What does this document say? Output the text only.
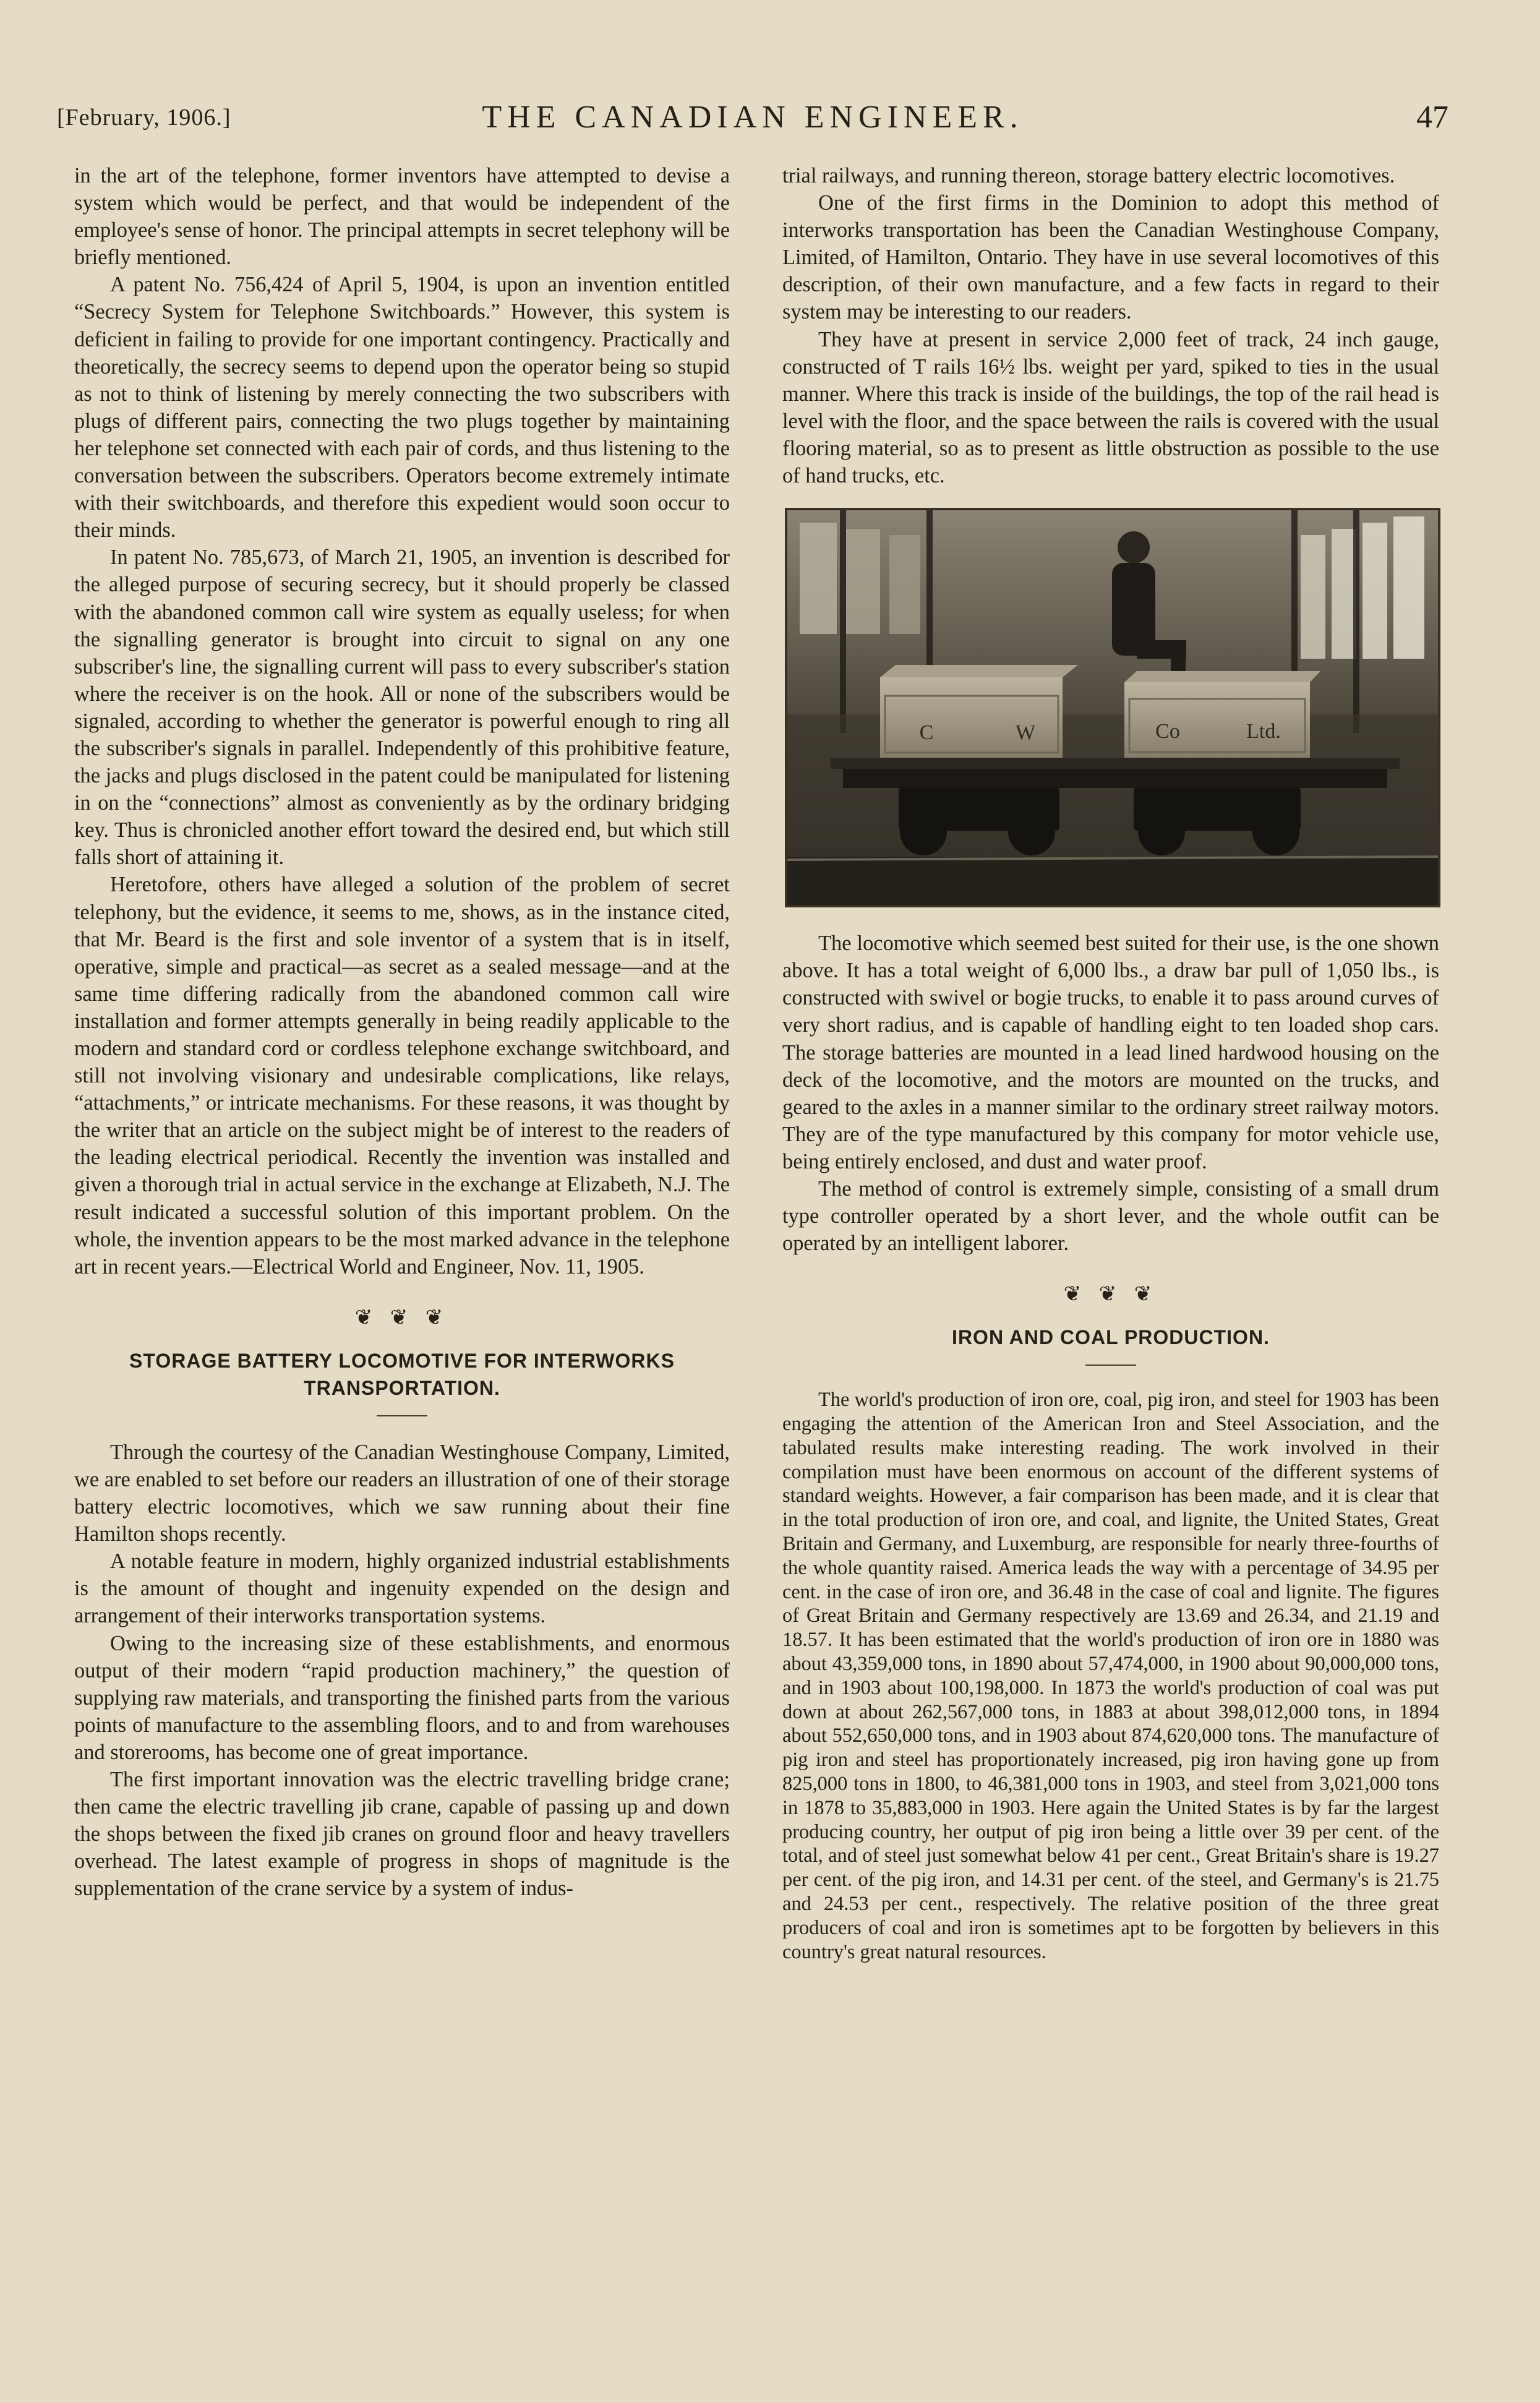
[February, 1906.]	THE CANADIAN ENGINEER.	47

in the art of the telephone, former inventors have attempted to devise a system which would be perfect, and that would be independent of the employee's sense of honor. The principal attempts in secret telephony will be briefly mentioned.

A patent No. 756,424 of April 5, 1904, is upon an invention entitled “Secrecy System for Telephone Switchboards.” However, this system is deficient in failing to provide for one important contingency. Practically and theoretically, the secrecy seems to depend upon the operator being so stupid as not to think of listening by merely connecting the two subscribers with plugs of different pairs, connecting the two plugs together by maintaining her telephone set connected with each pair of cords, and thus listening to the conversation between the subscribers. Operators become extremely intimate with their switchboards, and therefore this expedient would soon occur to their minds.

In patent No. 785,673, of March 21, 1905, an invention is described for the alleged purpose of securing secrecy, but it should properly be classed with the abandoned common call wire system as equally useless; for when the signalling generator is brought into circuit to signal on any one subscriber's line, the signalling current will pass to every subscriber's station where the receiver is on the hook. All or none of the subscribers would be signaled, according to whether the generator is powerful enough to ring all the subscriber's signals in parallel. Independently of this prohibitive feature, the jacks and plugs disclosed in the patent could be manipulated for listening in on the “connections” almost as conveniently as by the ordinary bridging key. Thus is chronicled another effort toward the desired end, but which still falls short of attaining it.

Heretofore, others have alleged a solution of the problem of secret telephony, but the evidence, it seems to me, shows, as in the instance cited, that Mr. Beard is the first and sole inventor of a system that is in itself, operative, simple and practical—as secret as a sealed message—and at the same time differing radically from the abandoned common call wire installation and former attempts generally in being readily applicable to the modern and standard cord or cordless telephone exchange switchboard, and still not involving visionary and undesirable complications, like relays, “attachments,” or intricate mechanisms. For these reasons, it was thought by the writer that an article on the subject might be of interest to the readers of the leading electrical periodical. Recently the invention was installed and given a thorough trial in actual service in the exchange at Elizabeth, N.J. The result indicated a successful solution of this important problem. On the whole, the invention appears to be the most marked advance in the telephone art in recent years.—Electrical World and Engineer, Nov. 11, 1905.

❦ ❦ ❦
STORAGE BATTERY LOCOMOTIVE FOR INTERWORKS TRANSPORTATION.

Through the courtesy of the Canadian Westinghouse Company, Limited, we are enabled to set before our readers an illustration of one of their storage battery electric locomotives, which we saw running about their fine Hamilton shops recently.

A notable feature in modern, highly organized industrial establishments is the amount of thought and ingenuity expended on the design and arrangement of their interworks transportation systems.

Owing to the increasing size of these establishments, and enormous output of their modern “rapid production machinery,” the question of supplying raw materials, and transporting the finished parts from the various points of manufacture to the assembling floors, and to and from warehouses and storerooms, has become one of great importance.

The first important innovation was the electric travelling bridge crane; then came the electric travelling jib crane, capable of passing up and down the shops between the fixed jib cranes on ground floor and heavy travellers overhead. The latest example of progress in shops of magnitude is the supplementation of the crane service by a system of indus-

trial railways, and running thereon, storage battery electric locomotives.

One of the first firms in the Dominion to adopt this method of interworks transportation has been the Canadian Westinghouse Company, Limited, of Hamilton, Ontario. They have in use several locomotives of this description, of their own manufacture, and a few facts in regard to their system may be interesting to our readers.

They have at present in service 2,000 feet of track, 24 inch gauge, constructed of T rails 16½ lbs. weight per yard, spiked to ties in the usual manner. Where this track is inside of the buildings, the top of the rail head is level with the floor, and the space between the rails is covered with the usual flooring material, so as to present as little obstruction as possible to the use of hand trucks, etc.

C	W	Co	Ltd.

The locomotive which seemed best suited for their use, is the one shown above. It has a total weight of 6,000 lbs., a draw bar pull of 1,050 lbs., is constructed with swivel or bogie trucks, to enable it to pass around curves of very short radius, and is capable of handling eight to ten loaded shop cars. The storage batteries are mounted in a lead lined hardwood housing on the deck of the locomotive, and the motors are mounted on the trucks, and geared to the axles in a manner similar to the ordinary street railway motors. They are of the type manufactured by this company for motor vehicle use, being entirely enclosed, and dust and water proof.

The method of control is extremely simple, consisting of a small drum type controller operated by a short lever, and the whole outfit can be operated by an intelligent laborer.

❦ ❦ ❦
IRON AND COAL PRODUCTION.

The world's production of iron ore, coal, pig iron, and steel for 1903 has been engaging the attention of the American Iron and Steel Association, and the tabulated results make interesting reading. The work involved in their compilation must have been enormous on account of the different systems of standard weights. However, a fair comparison has been made, and it is clear that in the total production of iron ore, and coal, and lignite, the United States, Great Britain and Germany, and Luxemburg, are responsible for nearly three-fourths of the whole quantity raised. America leads the way with a percentage of 34.95 per cent. in the case of iron ore, and 36.48 in the case of coal and lignite. The figures of Great Britain and Germany respectively are 13.69 and 26.34, and 21.19 and 18.57. It has been estimated that the world's production of iron ore in 1880 was about 43,359,000 tons, in 1890 about 57,474,000, in 1900 about 90,000,000 tons, and in 1903 about 100,198,000. In 1873 the world's production of coal was put down at about 262,567,000 tons, in 1883 at about 398,012,000 tons, in 1894 about 552,650,000 tons, and in 1903 about 874,620,000 tons. The manufacture of pig iron and steel has proportionately increased, pig iron having gone up from 825,000 tons in 1800, to 46,381,000 tons in 1903, and steel from 3,021,000 tons in 1878 to 35,883,000 in 1903. Here again the United States is by far the largest producing country, her output of pig iron being a little over 39 per cent. of the total, and of steel just somewhat below 41 per cent., Great Britain's share is 19.27 per cent. of the pig iron, and 14.31 per cent. of the steel, and Germany's is 21.75 and 24.53 per cent., respectively. The relative position of the three great producers of coal and iron is sometimes apt to be forgotten by believers in this country's great natural resources.
